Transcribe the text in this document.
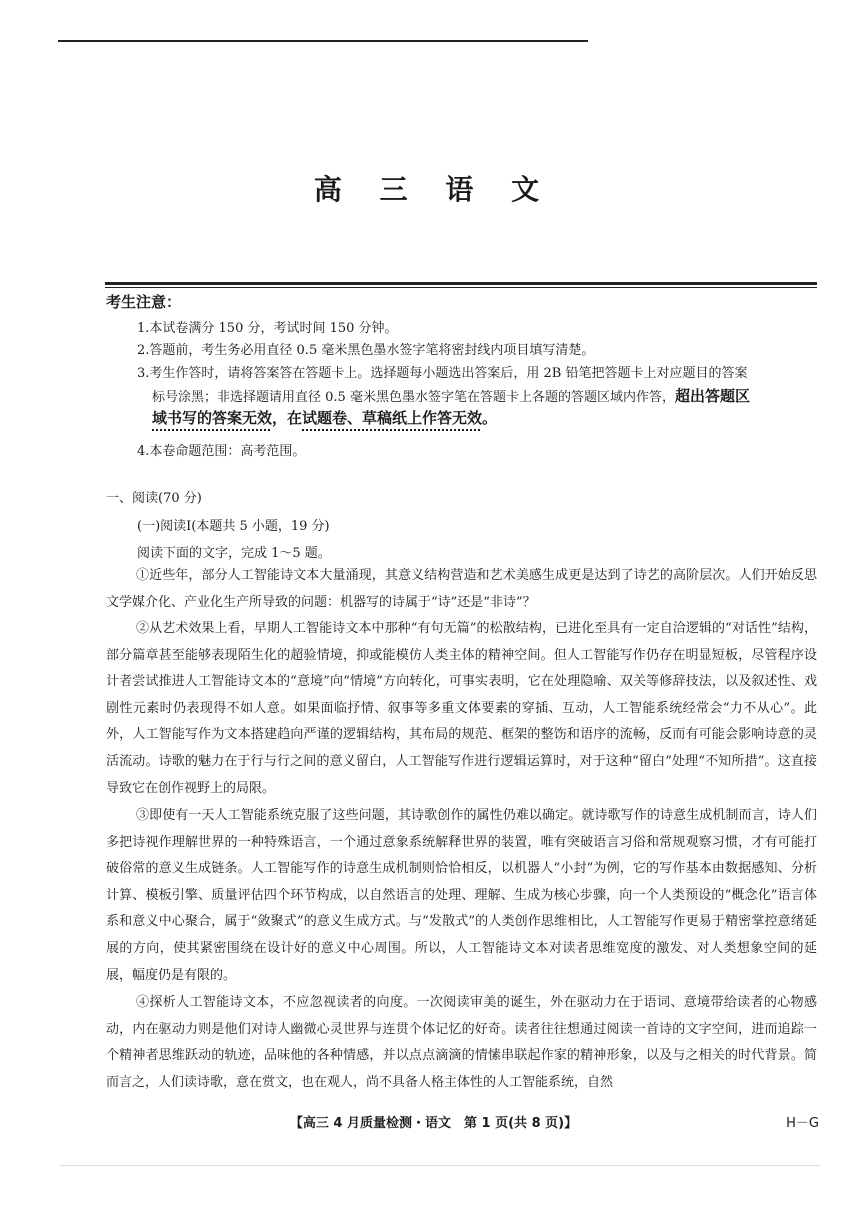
高 三 语 文
考生注意：
1.本试卷满分 150 分，考试时间 150 分钟。
2.答题前，考生务必用直径 0.5 毫米黑色墨水签字笔将密封线内项目填写清楚。
3.考生作答时，请将答案答在答题卡上。选择题每小题选出答案后，用 2B 铅笔把答题卡上对应题目的答案
标号涂黑；非选择题请用直径 0.5 毫米黑色墨水签字笔在答题卡上各题的答题区域内作答，超出答题区
域书写的答案无效，在试题卷、草稿纸上作答无效。
4.本卷命题范围：高考范围。
一、阅读(70 分)
(一)阅读Ⅰ(本题共 5 小题，19 分)
阅读下面的文字，完成 1～5 题。
①近些年，部分人工智能诗文本大量涌现，其意义结构营造和艺术美感生成更是达到了诗艺的高阶层次。人们开始反思文学媒介化、产业化生产所导致的问题：机器写的诗属于“诗”还是“非诗”？
②从艺术效果上看，早期人工智能诗文本中那种“有句无篇”的松散结构，已进化至具有一定自洽逻辑的“对话性”结构，部分篇章甚至能够表现陌生化的超验情境，抑或能模仿人类主体的精神空间。但人工智能写作仍存在明显短板，尽管程序设计者尝试推进人工智能诗文本的“意境”向“情境”方向转化，可事实表明，它在处理隐喻、双关等修辞技法，以及叙述性、戏剧性元素时仍表现得不如人意。如果面临抒情、叙事等多重文体要素的穿插、互动，人工智能系统经常会“力不从心”。此外，人工智能写作为文本搭建趋向严谨的逻辑结构，其布局的规范、框架的整饬和语序的流畅，反而有可能会影响诗意的灵活流动。诗歌的魅力在于行与行之间的意义留白，人工智能写作进行逻辑运算时，对于这种“留白”处理“不知所措”。这直接导致它在创作视野上的局限。
③即使有一天人工智能系统克服了这些问题，其诗歌创作的属性仍难以确定。就诗歌写作的诗意生成机制而言，诗人们多把诗视作理解世界的一种特殊语言，一个通过意象系统解释世界的装置，唯有突破语言习俗和常规观察习惯，才有可能打破俗常的意义生成链条。人工智能写作的诗意生成机制则恰恰相反，以机器人“小封”为例，它的写作基本由数据感知、分析计算、模板引擎、质量评估四个环节构成，以自然语言的处理、理解、生成为核心步骤，向一个人类预设的“概念化”语言体系和意义中心聚合，属于“敛聚式”的意义生成方式。与“发散式”的人类创作思维相比，人工智能写作更易于精密掌控意绪延展的方向，使其紧密围绕在设计好的意义中心周围。所以，人工智能诗文本对读者思维宽度的激发、对人类想象空间的延展，幅度仍是有限的。
④探析人工智能诗文本，不应忽视读者的向度。一次阅读审美的诞生，外在驱动力在于语词、意境带给读者的心物感动，内在驱动力则是他们对诗人幽微心灵世界与连贯个体记忆的好奇。读者往往想通过阅读一首诗的文字空间，进而追踪一个精神者思维跃动的轨迹，品味他的各种情感，并以点点滴滴的情愫串联起作家的精神形象，以及与之相关的时代背景。简而言之，人们读诗歌，意在赏文，也在观人，尚不具备人格主体性的人工智能系统，自然
【高三 4 月质量检测・语文　第 1 页(共 8 页)】	H－G
